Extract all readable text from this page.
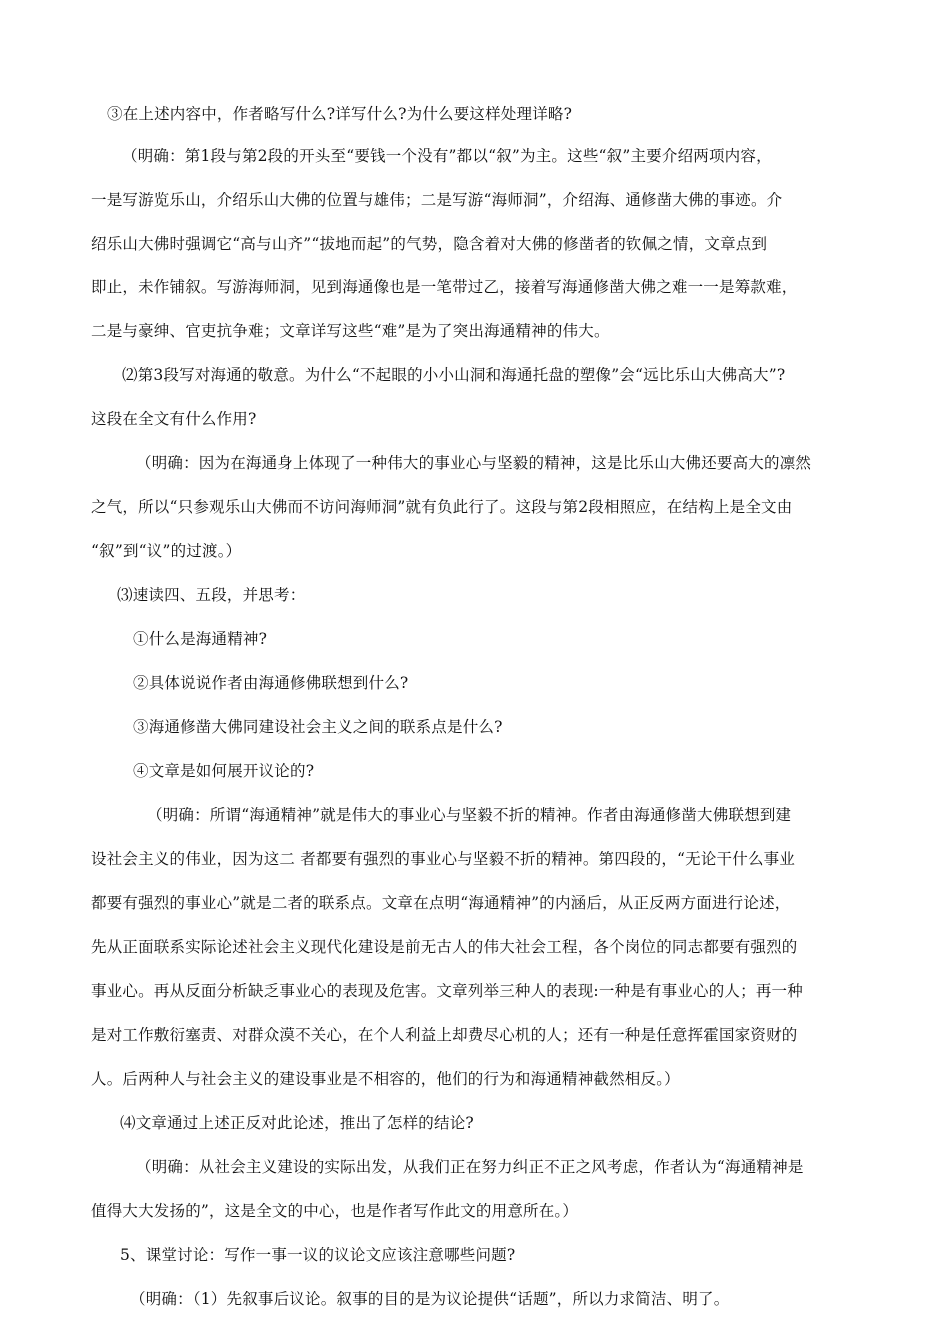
③在上述内容中，作者略写什么?详写什么?为什么要这样处理详略?
（明确：第1段与第2段的开头至“要钱一个没有”都以“叙”为主。这些“叙”主要介绍两项内容，
一是写游览乐山，介绍乐山大佛的位置与雄伟；二是写游“海师洞”，介绍海、通修凿大佛的事迹。介
绍乐山大佛时强调它“高与山齐”“拔地而起”的气势，隐含着对大佛的修凿者的钦佩之情，文章点到
即止，未作铺叙。写游海师洞，见到海通像也是一笔带过乙，接着写海通修凿大佛之难一一是筹款难，
二是与豪绅、官吏抗争难；文章详写这些“难”是为了突出海通精神的伟大。
⑵第3段写对海通的敬意。为什么“不起眼的小小山洞和海通托盘的塑像”会“远比乐山大佛高大”?
这段在全文有什么作用?
（明确：因为在海通身上体现了一种伟大的事业心与坚毅的精神，这是比乐山大佛还要高大的凛然
之气，所以“只参观乐山大佛而不访问海师洞”就有负此行了。这段与第2段相照应，在结构上是全文由
“叙”到“议”的过渡。）
⑶速读四、五段，并思考：
①什么是海通精神?
②具体说说作者由海通修佛联想到什么?
③海通修凿大佛同建设社会主义之间的联系点是什么?
④文章是如何展开议论的?
（明确：所谓“海通精神”就是伟大的事业心与坚毅不折的精神。作者由海通修凿大佛联想到建
设社会主义的伟业，因为这二 者都要有强烈的事业心与坚毅不折的精神。第四段的，“无论干什么事业
都要有强烈的事业心”就是二者的联系点。文章在点明“海通精神”的内涵后，从正反两方面进行论述，
先从正面联系实际论述社会主义现代化建设是前无古人的伟大社会工程，各个岗位的同志都要有强烈的
事业心。再从反面分析缺乏事业心的表现及危害。文章列举三种人的表现:一种是有事业心的人；再一种
是对工作敷衍塞责、对群众漠不关心，在个人利益上却费尽心机的人；还有一种是任意挥霍国家资财的
人。后两种人与社会主义的建设事业是不相容的，他们的行为和海通精神截然相反。）
⑷文章通过上述正反对此论述，推出了怎样的结论?
（明确：从社会主义建设的实际出发，从我们正在努力纠正不正之风考虑，作者认为“海通精神是
值得大大发扬的”，这是全文的中心，也是作者写作此文的用意所在。）
5、课堂讨论：写作一事一议的议论文应该注意哪些问题?
（明确：（1）先叙事后议论。叙事的目的是为议论提供“话题”，所以力求简洁、明了。
